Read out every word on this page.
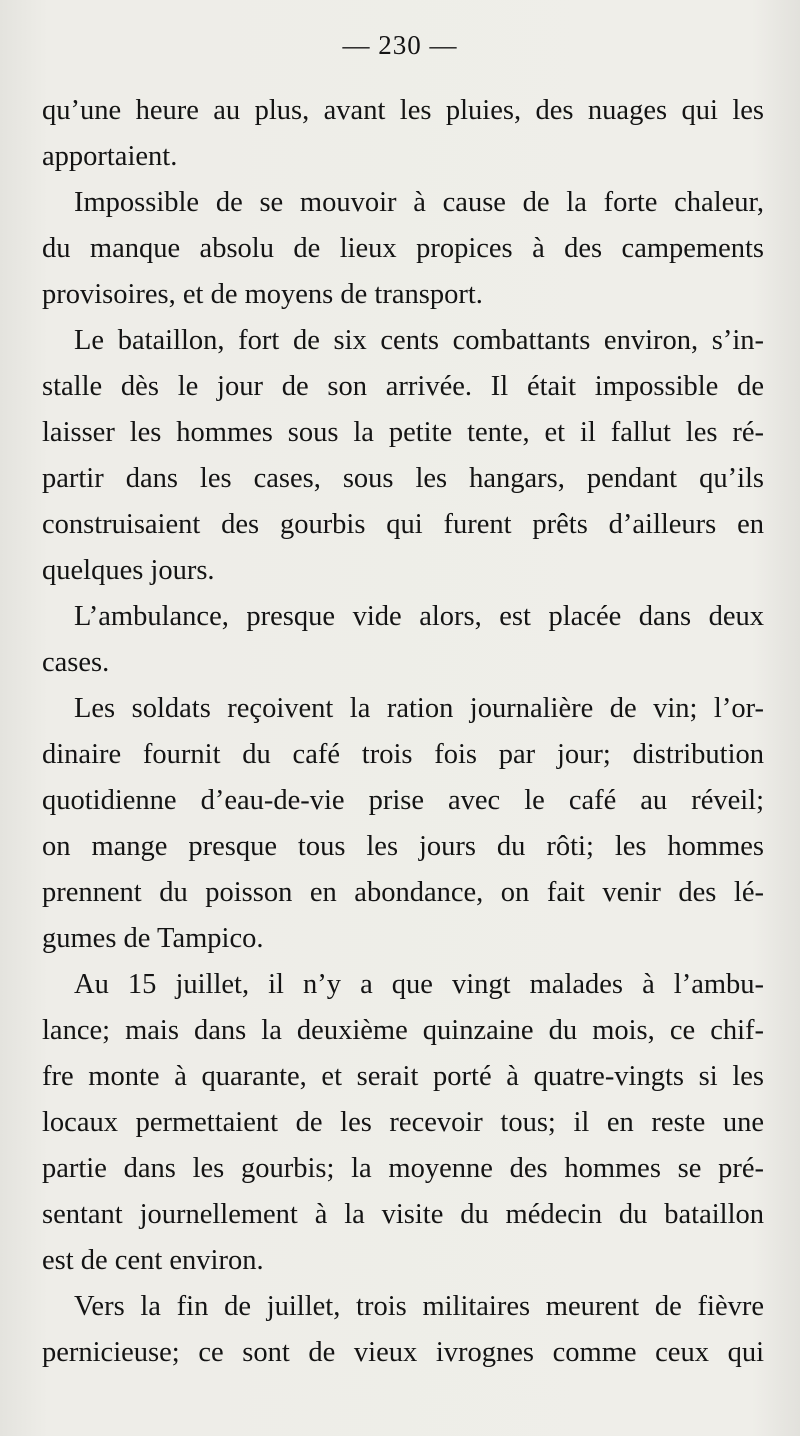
— 230 —
qu’une heure au plus, avant les pluies, des nuages qui les
apportaient.
Impossible de se mouvoir à cause de la forte chaleur,
du manque absolu de lieux propices à des campements
provisoires, et de moyens de transport.
Le bataillon, fort de six cents combattants environ, s’in-
stalle dès le jour de son arrivée. Il était impossible de
laisser les hommes sous la petite tente, et il fallut les ré-
partir dans les cases, sous les hangars, pendant qu’ils
construisaient des gourbis qui furent prêts d’ailleurs en
quelques jours.
L’ambulance, presque vide alors, est placée dans deux
cases.
Les soldats reçoivent la ration journalière de vin; l’or-
dinaire fournit du café trois fois par jour; distribution
quotidienne d’eau-de-vie prise avec le café au réveil;
on mange presque tous les jours du rôti; les hommes
prennent du poisson en abondance, on fait venir des lé-
gumes de Tampico.
Au 15 juillet, il n’y a que vingt malades à l’ambu-
lance; mais dans la deuxième quinzaine du mois, ce chif-
fre monte à quarante, et serait porté à quatre-vingts si les
locaux permettaient de les recevoir tous; il en reste une
partie dans les gourbis; la moyenne des hommes se pré-
sentant journellement à la visite du médecin du bataillon
est de cent environ.
Vers la fin de juillet, trois militaires meurent de fièvre
pernicieuse; ce sont de vieux ivrognes comme ceux qui
